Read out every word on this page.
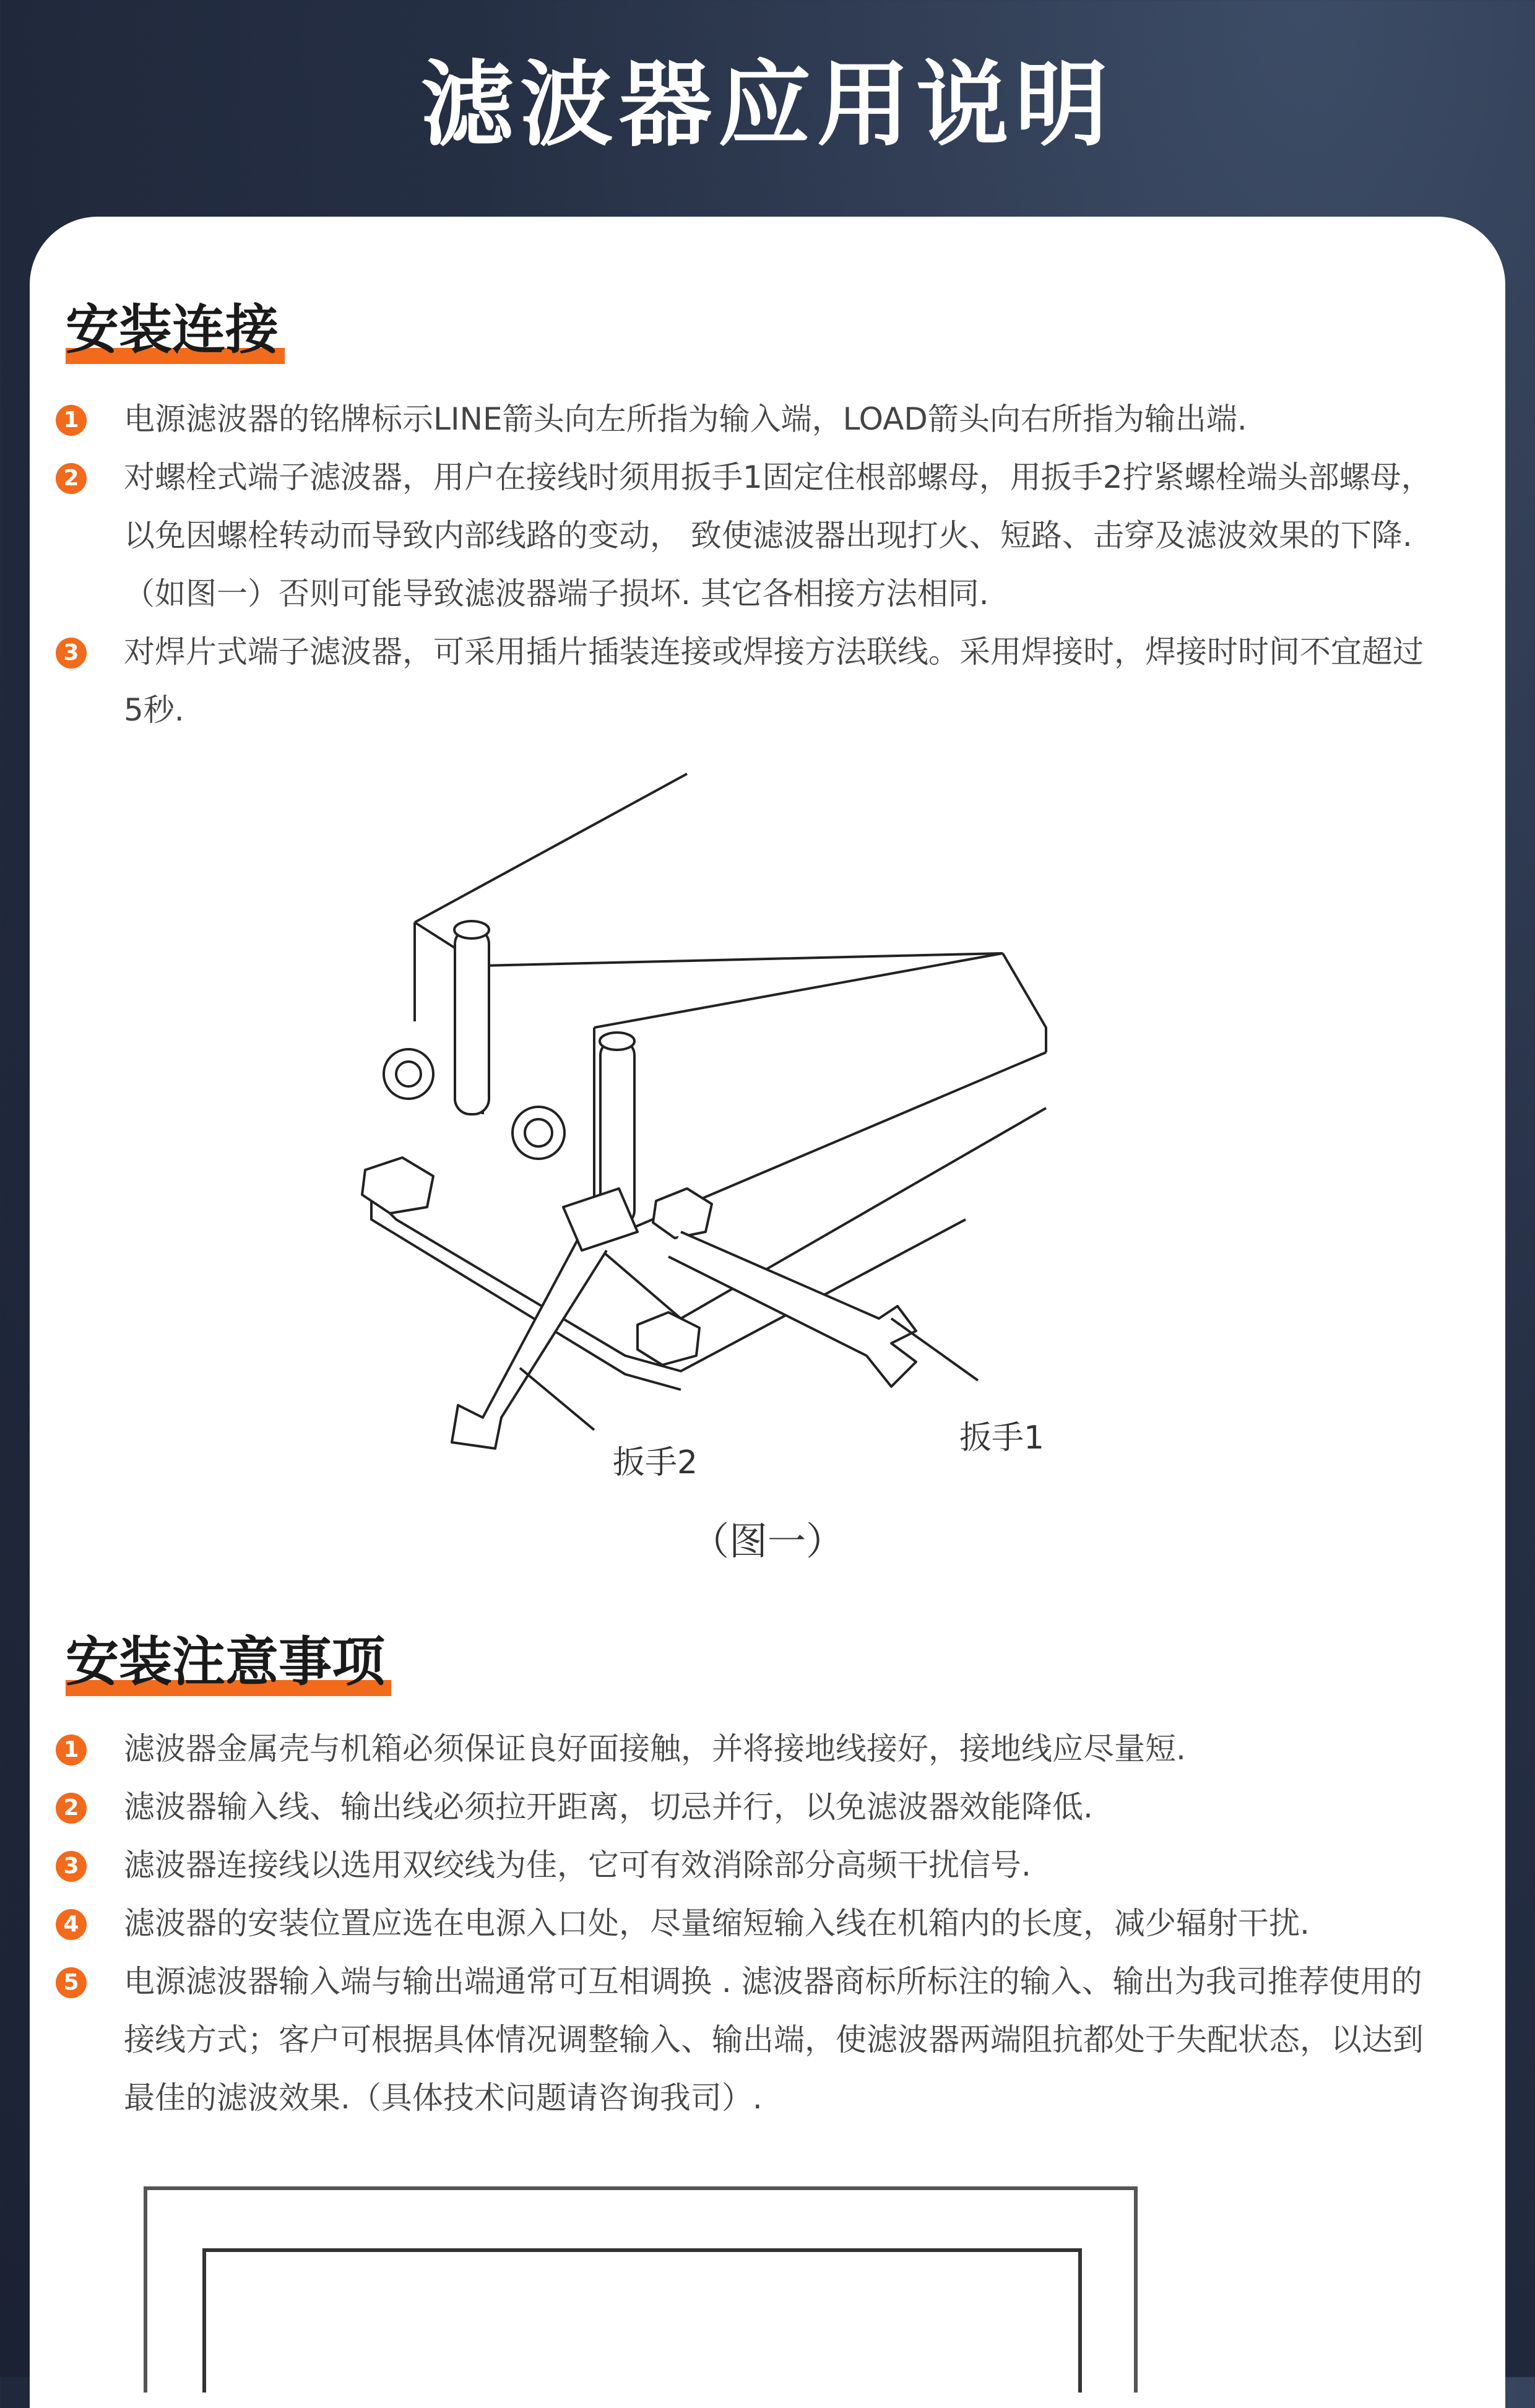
滤波器应用说明
安装连接
1 电源滤波器的铭牌标示LINE箭头向左所指为输入端，LOAD箭头向右所指为输出端.
2 对螺栓式端子滤波器，用户在接线时须用扳手1固定住根部螺母，用扳手2拧紧螺栓端头部螺母，以免因螺栓转动而导致内部线路的变动， 致使滤波器出现打火、短路、击穿及滤波效果的下降. （如图一）否则可能导致滤波器端子损坏. 其它各相接方法相同.
3 对焊片式端子滤波器，可采用插片插装连接或焊接方法联线。采用焊接时，焊接时时间不宜超过5秒.
扳手2
扳手1
（图一）
安装注意事项
1 滤波器金属壳与机箱必须保证良好面接触，并将接地线接好，接地线应尽量短.
2 滤波器输入线、输出线必须拉开距离，切忌并行，以免滤波器效能降低.
3 滤波器连接线以选用双绞线为佳，它可有效消除部分高频干扰信号.
4 滤波器的安装位置应选在电源入口处，尽量缩短输入线在机箱内的长度，减少辐射干扰.
5 电源滤波器输入端与输出端通常可互相调换 . 滤波器商标所标注的输入、输出为我司推荐使用的接线方式；客户可根据具体情况调整输入、输出端，使滤波器两端阻抗都处于失配状态，以达到最佳的滤波效果.（具体技术问题请咨询我司）.
